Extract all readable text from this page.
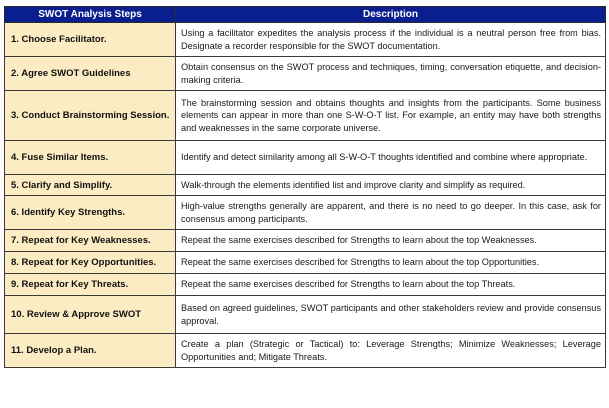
SWOT Analysis Steps	Description
1. Choose Facilitator.	Using a facilitator expedites the analysis process if the individual is a neutral person free from bias. Designate a recorder responsible for the SWOT documentation.
2. Agree SWOT Guidelines	Obtain consensus on the SWOT process and techniques, timing, conversation etiquette, and decision-making criteria.
3. Conduct Brainstorming Session.	The brainstorming session and obtains thoughts and insights from the participants. Some business elements can appear in more than one S-W-O-T list. For example, an entity may have both strengths and weaknesses in the same corporate universe.
4. Fuse Similar Items.	Identify and detect similarity among all S-W-O-T thoughts identified and combine where appropriate.
5. Clarify and Simplify.	Walk-through the elements identified list and improve clarity and simplify as required.
6. Identify Key Strengths.	High-value strengths generally are apparent, and there is no need to go deeper. In this case, ask for consensus among participants.
7. Repeat for Key Weaknesses.	Repeat the same exercises described for Strengths to learn about the top Weaknesses.
8. Repeat for Key Opportunities.	Repeat the same exercises described for Strengths to learn about the top Opportunities.
9. Repeat for Key Threats.	Repeat the same exercises described for Strengths to learn about the top Threats.
10. Review & Approve SWOT	Based on agreed guidelines, SWOT participants and other stakeholders review and provide consensus approval.
11. Develop a Plan.	Create a plan (Strategic or Tactical) to: Leverage Strengths; Minimize Weaknesses; Leverage Opportunities and; Mitigate Threats.
